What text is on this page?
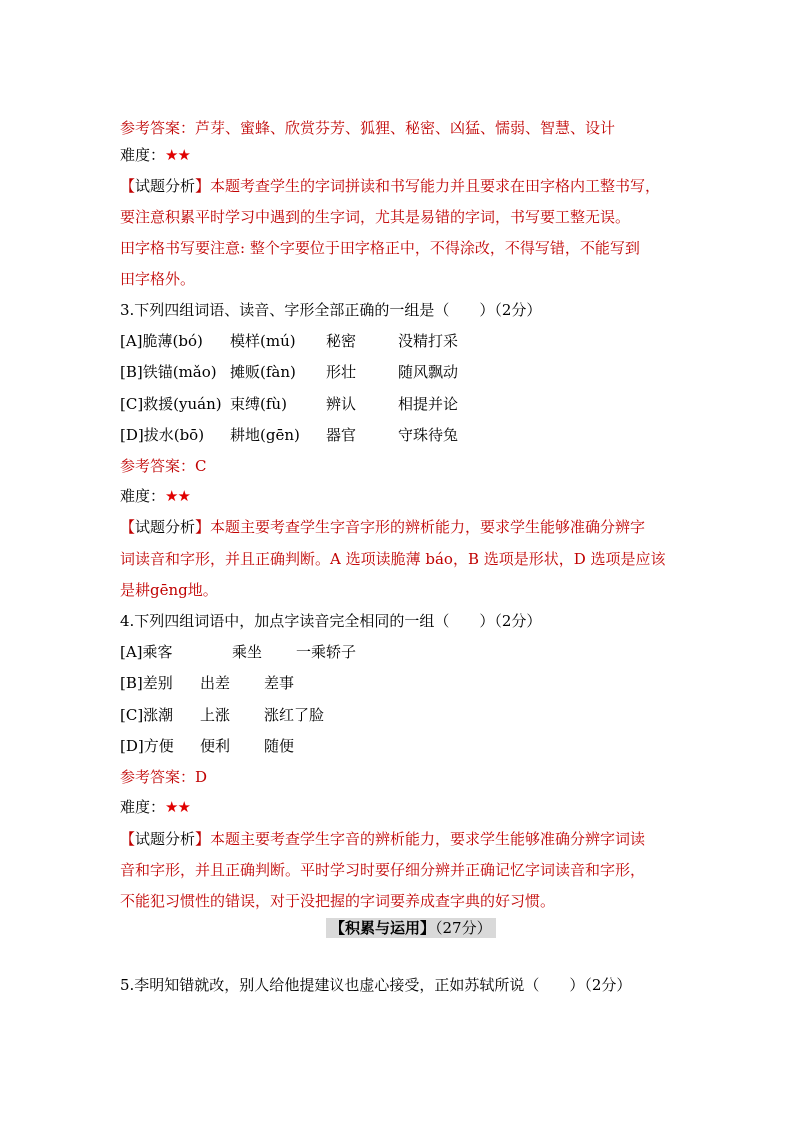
参考答案：芦芽、蜜蜂、欣赏芬芳、狐狸、秘密、凶猛、懦弱、智慧、设计
难度：★★
【试题分析】本题考查学生的字词拼读和书写能力并且要求在田字格内工整书写，
要注意积累平时学习中遇到的生字词，尤其是易错的字词，书写要工整无误。
田字格书写要注意: 整个字要位于田字格正中，不得涂改，不得写错，不能写到
田字格外。
3.下列四组词语、读音、字形全部正确的一组是（　　）（2分）
[A]脆薄(bó) 模样(mú) 秘密	没精打采
[B]铁锚(mǎo) 摊贩(fàn) 形壮	随风飘动
[C]救援(yuán) 束缚(fù)	辨认	相提并论
[D]拔水(bō) 耕地(gēn) 器官	守珠待兔
参考答案：C
难度：★★
【试题分析】本题主要考查学生字音字形的辨析能力，要求学生能够准确分辨字
词读音和字形，并且正确判断。A 选项读脆薄 báo，B 选项是形状，D 选项是应该
是耕gēng地。
4.下列四组词语中，加点字读音完全相同的一组（　　）（2分）
[A]乘客	乘坐 一乘轿子
[B]差别 出差 差事
[C]涨潮 上涨 涨红了脸
[D]方便 便利 随便
参考答案：D
难度：★★
【试题分析】本题主要考查学生字音的辨析能力，要求学生能够准确分辨字词读
音和字形，并且正确判断。平时学习时要仔细分辨并正确记忆字词读音和字形，
不能犯习惯性的错误，对于没把握的字词要养成查字典的好习惯。
【积累与运用】（27分）
5.李明知错就改，别人给他提建议也虚心接受，正如苏轼所说（　　）（2分）
